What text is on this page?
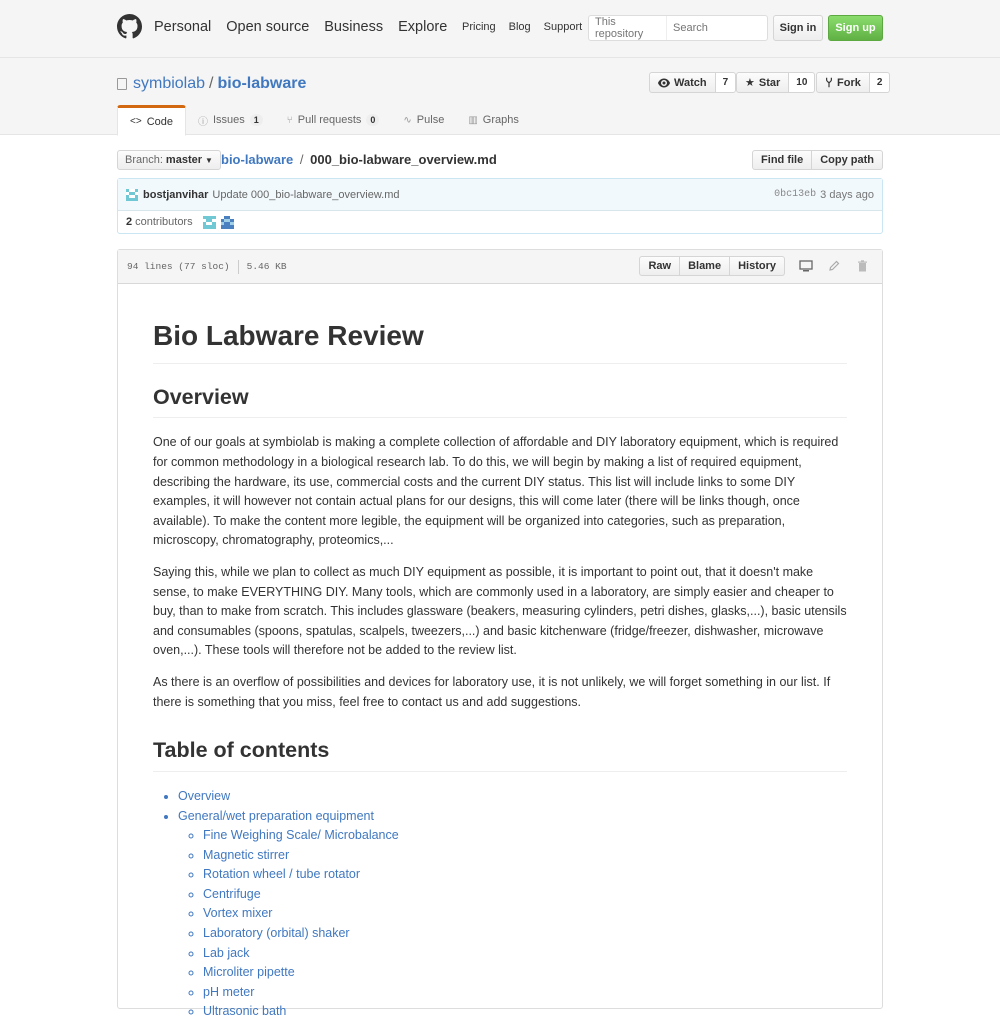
Personal Open source Business Explore Pricing Blog Support	This repository
Search	Sign in	Sign up
symbiolab / bio-labware	Watch	7	★ Star	10	Fork	2
<> Code	ⓘ Issues	1	⑂ Pull requests	0	∿ Pulse ▥ Graphs
Branch: master ▼ bio-labware / 000_bio-labware_overview.md	Find file	Copy path
bostjanvihar Update 000_bio-labware_overview.md	0bc13eb 3 days ago
2 contributors
94 lines (77 sloc) 5.46 KB	Raw	Blame	History
Bio Labware Review
Overview

One of our goals at symbiolab is making a complete collection of affordable and DIY laboratory equipment, which is required for common methodology in a biological research lab. To do this, we will begin by making a list of required equipment, describing the hardware, its use, commercial costs and the current DIY status. This list will include links to some DIY examples, it will however not contain actual plans for our designs, this will come later (there will be links though, once available). To make the content more legible, the equipment will be organized into categories, such as preparation, microscopy, chromatography, proteomics,...

Saying this, while we plan to collect as much DIY equipment as possible, it is important to point out, that it doesn't make sense, to make EVERYTHING DIY. Many tools, which are commonly used in a laboratory, are simply easier and cheaper to buy, than to make from scratch. This includes glassware (beakers, measuring cylinders, petri dishes, glasks,...), basic utensils and consumables (spoons, spatulas, scalpels, tweezers,...) and basic kitchenware (fridge/freezer, dishwasher, microwave oven,...). These tools will therefore not be added to the review list.

As there is an overflow of possibilities and devices for laboratory use, it is not unlikely, we will forget something in our list. If there is something that you miss, feel free to contact us and add suggestions.

Table of contents
• Overview
• General/wet preparation equipment
◦ Fine Weighing Scale/ Microbalance
◦ Magnetic stirrer
◦ Rotation wheel / tube rotator
◦ Centrifuge
◦ Vortex mixer
◦ Laboratory (orbital) shaker
◦ Lab jack
◦ Microliter pipette
◦ pH meter
◦ Ultrasonic bath
